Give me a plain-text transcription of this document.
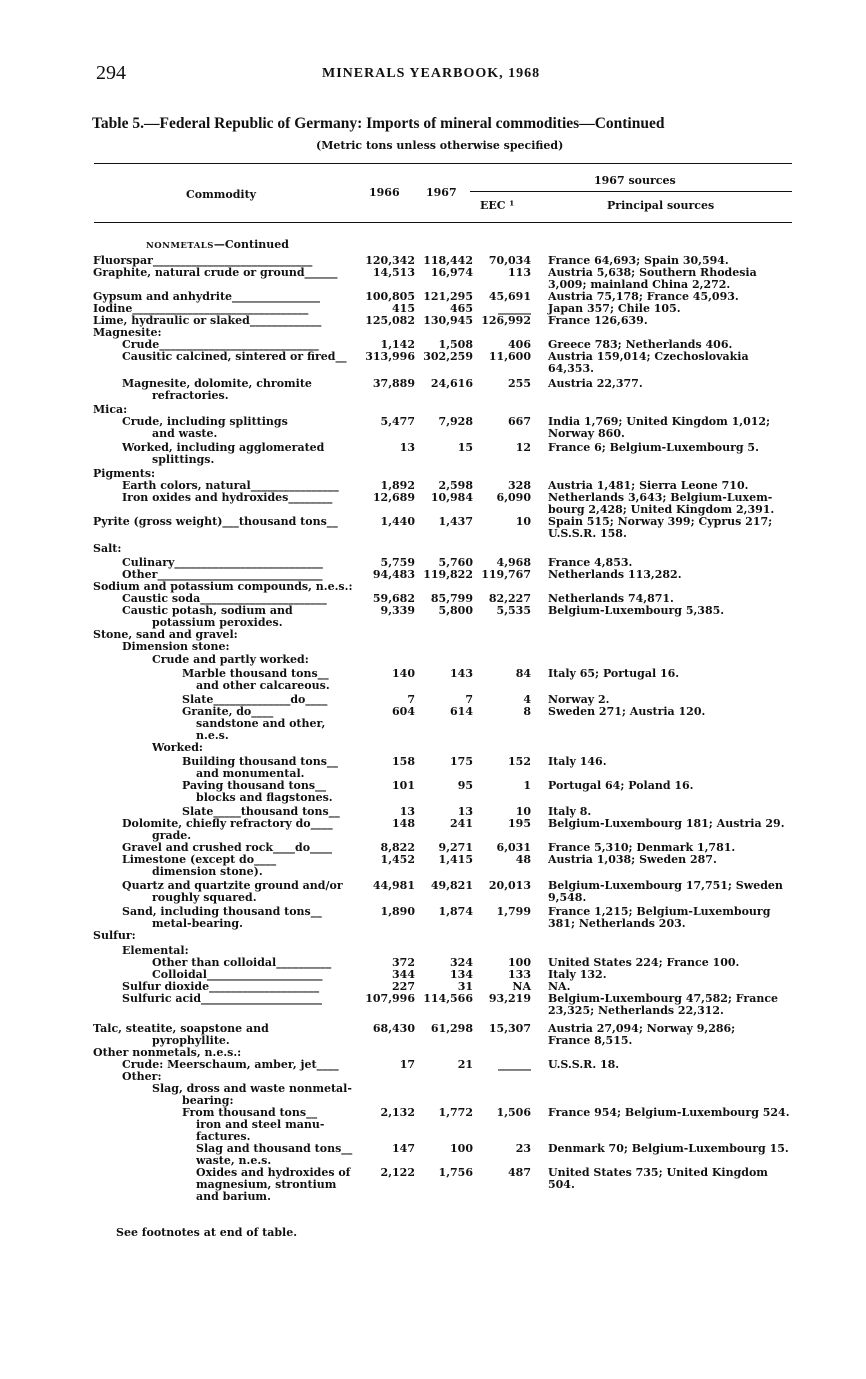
294	MINERALS YEARBOOK, 1968
Table 5.—Federal Republic of Germany: Imports of mineral commodities—Continued
(Metric tons unless otherwise specified)
Commodity	1966 1967
1967 sources
EEC ¹	Principal sources
NONMETALS—Continued
Fluorspar_____________________________	120,342 118,442	70,034 France 64,693; Spain 30,594.
Graphite, natural crude or ground______	14,513	16,974	113 Austria 5,638; Southern Rhodesia
3,009; mainland China 2,272.
Gypsum and anhydrite________________	100,805 121,295	45,691 Austria 75,178; France 45,093.
Iodine________________________________	415	465	______ Japan 357; Chile 105.
Lime, hydraulic or slaked_____________	125,082 130,945 126,992 France 126,639.
Magnesite:
Crude_____________________________	1,142	1,508	406 Greece 783; Netherlands 406.
Causitic calcined, sintered or fired__	313,996 302,259	11,600 Austria 159,014; Czechoslovakia
64,353.
Magnesite, dolomite, chromite	37,889	24,616	255 Austria 22,377.
refractories.
Mica:
Crude, including splittings	5,477	7,928	667 India 1,769; United Kingdom 1,012;
and waste.	Norway 860.
Worked, including agglomerated	13	15	12 France 6; Belgium-Luxembourg 5.
splittings.
Pigments:
Earth colors, natural________________	1,892	2,598	328 Austria 1,481; Sierra Leone 710.
Iron oxides and hydroxides________	12,689	10,984	6,090 Netherlands 3,643; Belgium-Luxem-
bourg 2,428; United Kingdom 2,391.
Pyrite (gross weight)___thousand tons__	1,440	1,437	10 Spain 515; Norway 399; Cyprus 217;
U.S.S.R. 158.
Salt:
Culinary___________________________	5,759	5,760	4,968 France 4,853.
Other______________________________	94,483 119,822 119,767 Netherlands 113,282.
Sodium and potassium compounds, n.e.s.:
Caustic soda_______________________	59,682	85,799	82,227 Netherlands 74,871.
Caustic potash, sodium and	9,339	5,800	5,535 Belgium-Luxembourg 5,385.
potassium peroxides.
Stone, sand and gravel:
Dimension stone:
Crude and partly worked:
Marble thousand tons__	140	143	84 Italy 65; Portugal 16.
and other calcareous.
Slate______________do____	7	7	4 Norway 2.
Granite, do____	604	614	8 Sweden 271; Austria 120.
sandstone and other,
n.e.s.
Worked:
Building thousand tons__	158	175	152 Italy 146.
and monumental.
Paving thousand tons__	101	95	1 Portugal 64; Poland 16.
blocks and flagstones.
Slate_____thousand tons__	13	13	10 Italy 8.
Dolomite, chiefly refractory do____	148	241	195 Belgium-Luxembourg 181; Austria 29.
grade.
Gravel and crushed rock____do____	8,822	9,271	6,031 France 5,310; Denmark 1,781.
Limestone (except do____	1,452	1,415	48 Austria 1,038; Sweden 287.
dimension stone).
Quartz and quartzite ground and/or	44,981	49,821	20,013 Belgium-Luxembourg 17,751; Sweden
roughly squared.	9,548.
Sand, including thousand tons__	1,890	1,874	1,799 France 1,215; Belgium-Luxembourg
metal-bearing.	381; Netherlands 203.
Sulfur:
Elemental:
Other than colloidal__________	372	324	100 United States 224; France 100.
Colloidal_____________________	344	134	133 Italy 132.
Sulfur dioxide____________________	227	31	NA NA.
Sulfuric acid______________________	107,996 114,566	93,219 Belgium-Luxembourg 47,582; France
23,325; Netherlands 22,312.
Talc, steatite, soapstone and	68,430	61,298	15,307 Austria 27,094; Norway 9,286;
pyrophyllite.	France 8,515.
Other nonmetals, n.e.s.:
Crude: Meerschaum, amber, jet____	17	21	______ U.S.S.R. 18.
Other:
Slag, dross and waste nonmetal-
bearing:
From thousand tons__	2,132	1,772	1,506 France 954; Belgium-Luxembourg 524.
iron and steel manu-
factures.
Slag and thousand tons__	147	100	23 Denmark 70; Belgium-Luxembourg 15.
waste, n.e.s.
Oxides and hydroxides of	2,122	1,756	487 United States 735; United Kingdom
magnesium, strontium	504.
and barium.
See footnotes at end of table.
